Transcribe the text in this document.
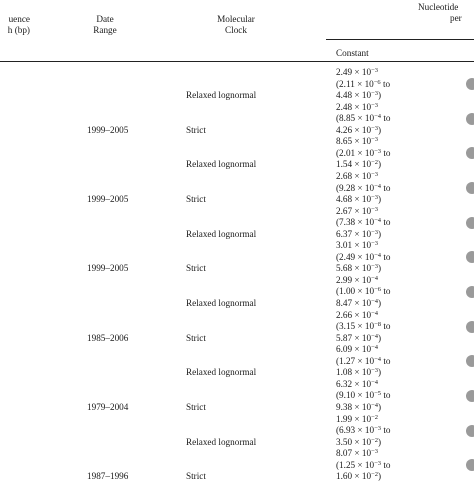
uence
h (bp)
Date
Range
Molecular
Clock
Nucleotide
per
Constant
$2.49 \times 10^{-3}$
($2.11 \times 10^{-6}$ to
Relaxed lognormal	$4.48 \times 10^{-3}$)
$2.48 \times 10^{-3}$
($8.85 \times 10^{-4}$ to
1999–2005	Strict	$4.26 \times 10^{-3}$)
$8.65 \times 10^{-3}$
($2.01 \times 10^{-3}$ to
Relaxed lognormal	$1.54 \times 10^{-2}$)
$2.68 \times 10^{-3}$
($9.28 \times 10^{-4}$ to
1999–2005	Strict	$4.68 \times 10^{-3}$)
$2.67 \times 10^{-3}$
($7.38 \times 10^{-4}$ to
Relaxed lognormal	$6.37 \times 10^{-3}$)
$3.01 \times 10^{-3}$
($2.49 \times 10^{-4}$ to
1999–2005	Strict	$5.68 \times 10^{-3}$)
$2.99 \times 10^{-4}$
($1.00 \times 10^{-6}$ to
Relaxed lognormal	$8.47 \times 10^{-4}$)
$2.66 \times 10^{-4}$
($3.15 \times 10^{-8}$ to
1985–2006	Strict	$5.87 \times 10^{-4}$)
$6.09 \times 10^{-4}$
($1.27 \times 10^{-4}$ to
Relaxed lognormal	$1.08 \times 10^{-3}$)
$6.32 \times 10^{-4}$
($9.10 \times 10^{-5}$ to
1979–2004	Strict	$9.38 \times 10^{-4}$)
$1.99 \times 10^{-2}$
($6.93 \times 10^{-3}$ to
Relaxed lognormal	$3.50 \times 10^{-2}$)
$8.07 \times 10^{-3}$
($1.25 \times 10^{-3}$ to
1987–1996	Strict	$1.60 \times 10^{-2}$)
